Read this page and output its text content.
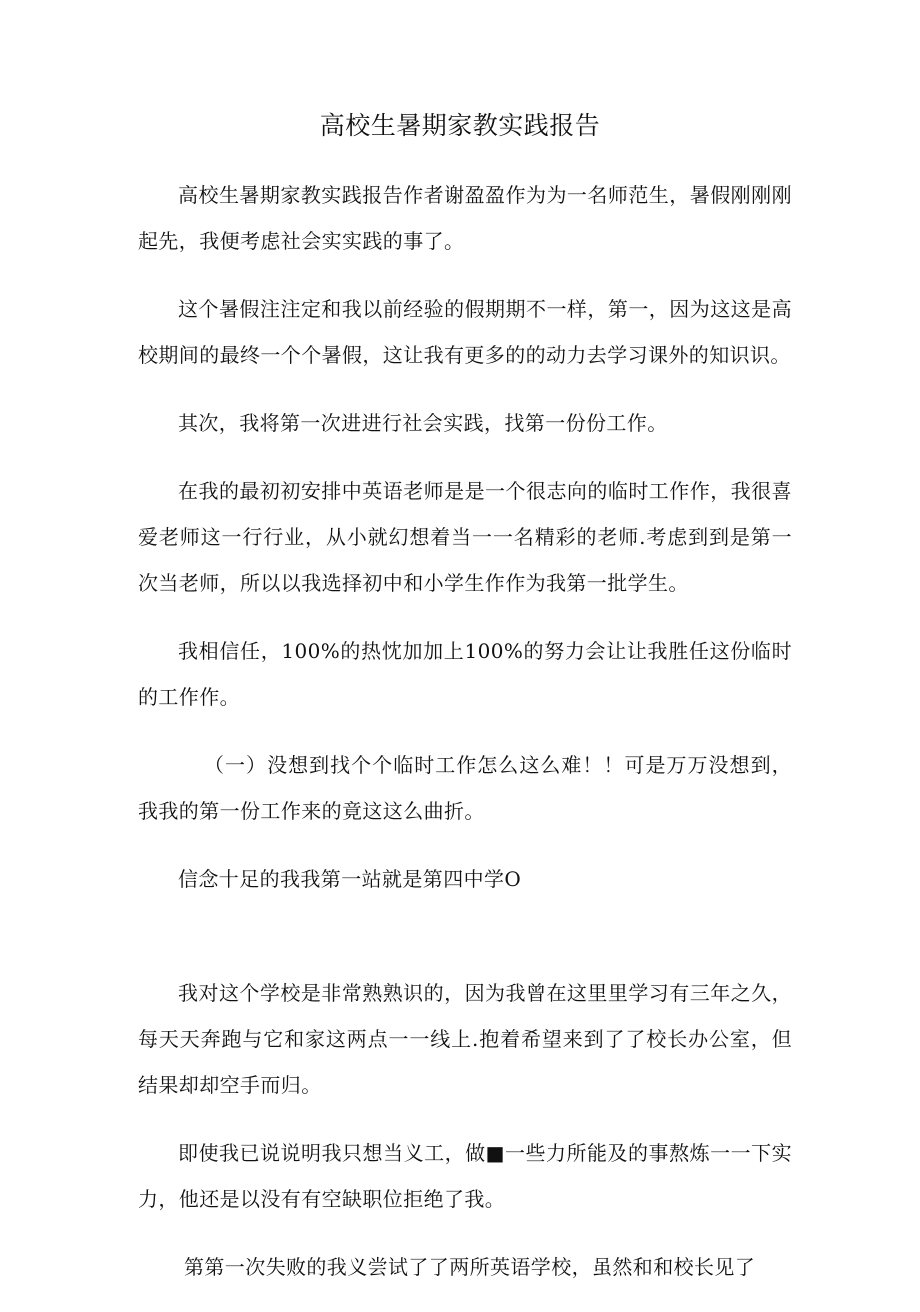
高校生暑期家教实践报告

高校生暑期家教实践报告作者谢盈盈作为为一名师范生，暑假刚刚刚起先，我便考虑社会实实践的事了。

这个暑假注注定和我以前经验的假期期不一样，第一，因为这这是高校期间的最终一个个暑假，这让我有更多的的动力去学习课外的知识识。

其次，我将第一次进进行社会实践，找第一份份工作。

在我的最初初安排中英语老师是是一个很志向的临时工作作，我很喜爱老师这一行行业，从小就幻想着当一一名精彩的老师.考虑到到是第一次当老师，所以以我选择初中和小学生作作为我第一批学生。

我相信任，100%的热忱加加上100%的努力会让让我胜任这份临时的工作作。

（一）没想到找个个临时工作怎么这么难！！可是万万没想到，我我的第一份工作来的竟这这么曲折。

信念十足的我我第一站就是第四中学O

我对这个学校是非常熟熟识的，因为我曾在这里里学习有三年之久，每天天奔跑与它和家这两点一一线上.抱着希望来到了了校长办公室，但结果却却空手而归。

即使我已说说明我只想当义工，做■一些力所能及的事熬炼一一下实力，他还是以没有有空缺职位拒绝了我。

第第一次失败的我义尝试了了两所英语学校，虽然和和校长见了
